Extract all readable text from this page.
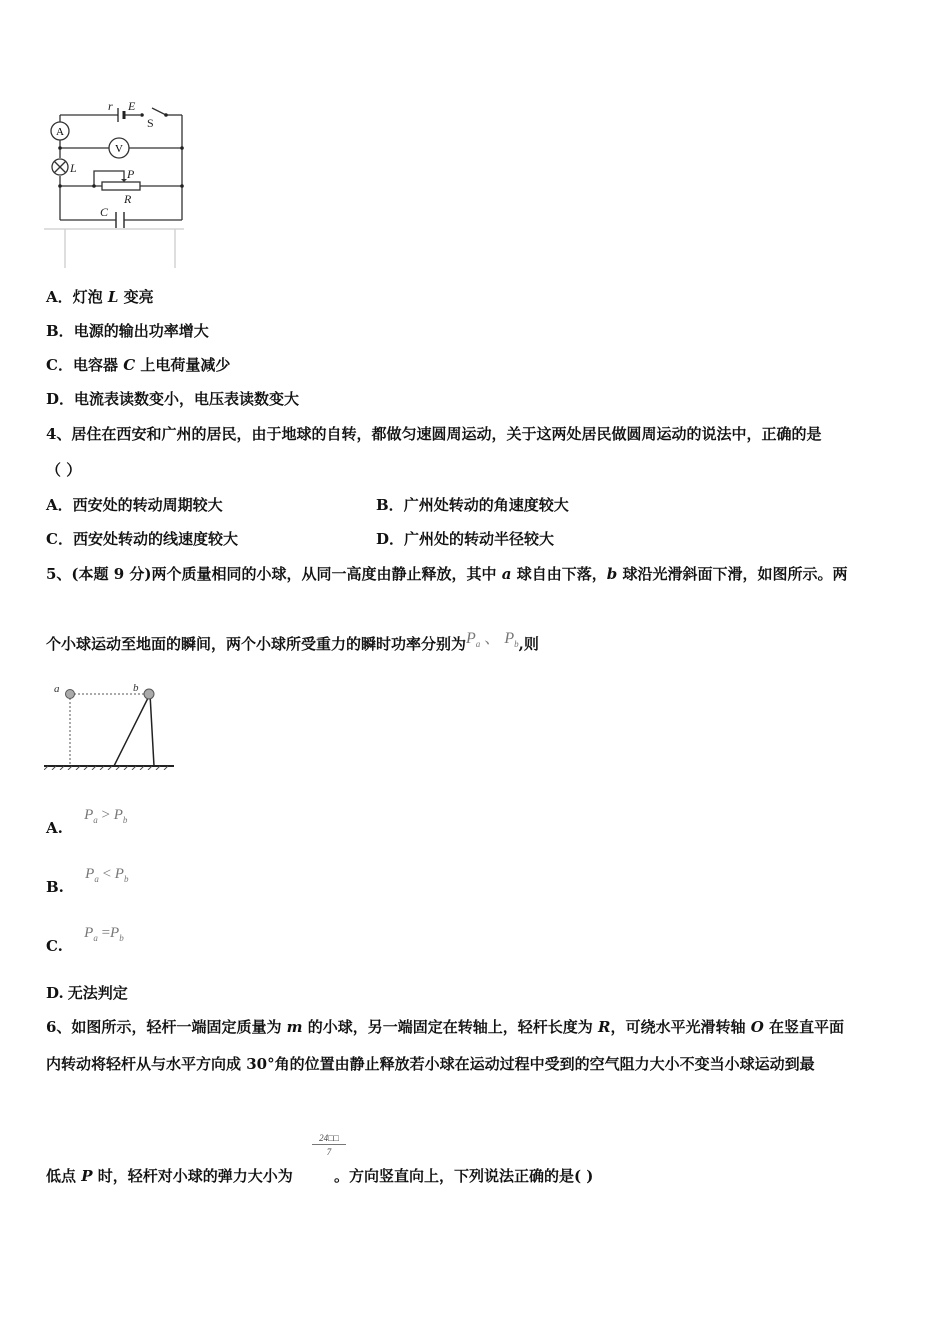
A
V
r E
S
L	P
R
C
A．灯泡 L 变亮
B．电源的输出功率增大
C．电容器 C 上电荷量减少
D．电流表读数变小，电压表读数变大
4、居住在西安和广州的居民，由于地球的自转，都做匀速圆周运动，关于这两处居民做圆周运动的说法中，正确的是
（ ）
A．西安处的转动周期较大	B．广州处转动的角速度较大
C．西安处转动的线速度较大	D．广州处的转动半径较大
5、(本题 9 分)两个质量相同的小球，从同一高度由静止释放，其中 a 球自由下落，b 球沿光滑斜面下滑，如图所示。两
个小球运动至地面的瞬间，两个小球所受重力的瞬时功率分别为$P_a$ 、 $P_b$,则
a	b
A. $P_a > P_b$
B. $P_a < P_b$
C. $P_a =P_b$
D. 无法判定
6、如图所示，轻杆一端固定质量为 m 的小球，另一端固定在转轴上，轻杆长度为 R，可绕水平光滑转轴 O 在竖直平面
内转动将轻杆从与水平方向成 30°角的位置由静止释放若小球在运动过程中受到的空气阻力大小不变当小球运动到最
$\frac{24□□}{7}$
低点 P 时，轻杆对小球的弹力大小为 。方向竖直向上，下列说法正确的是( )
